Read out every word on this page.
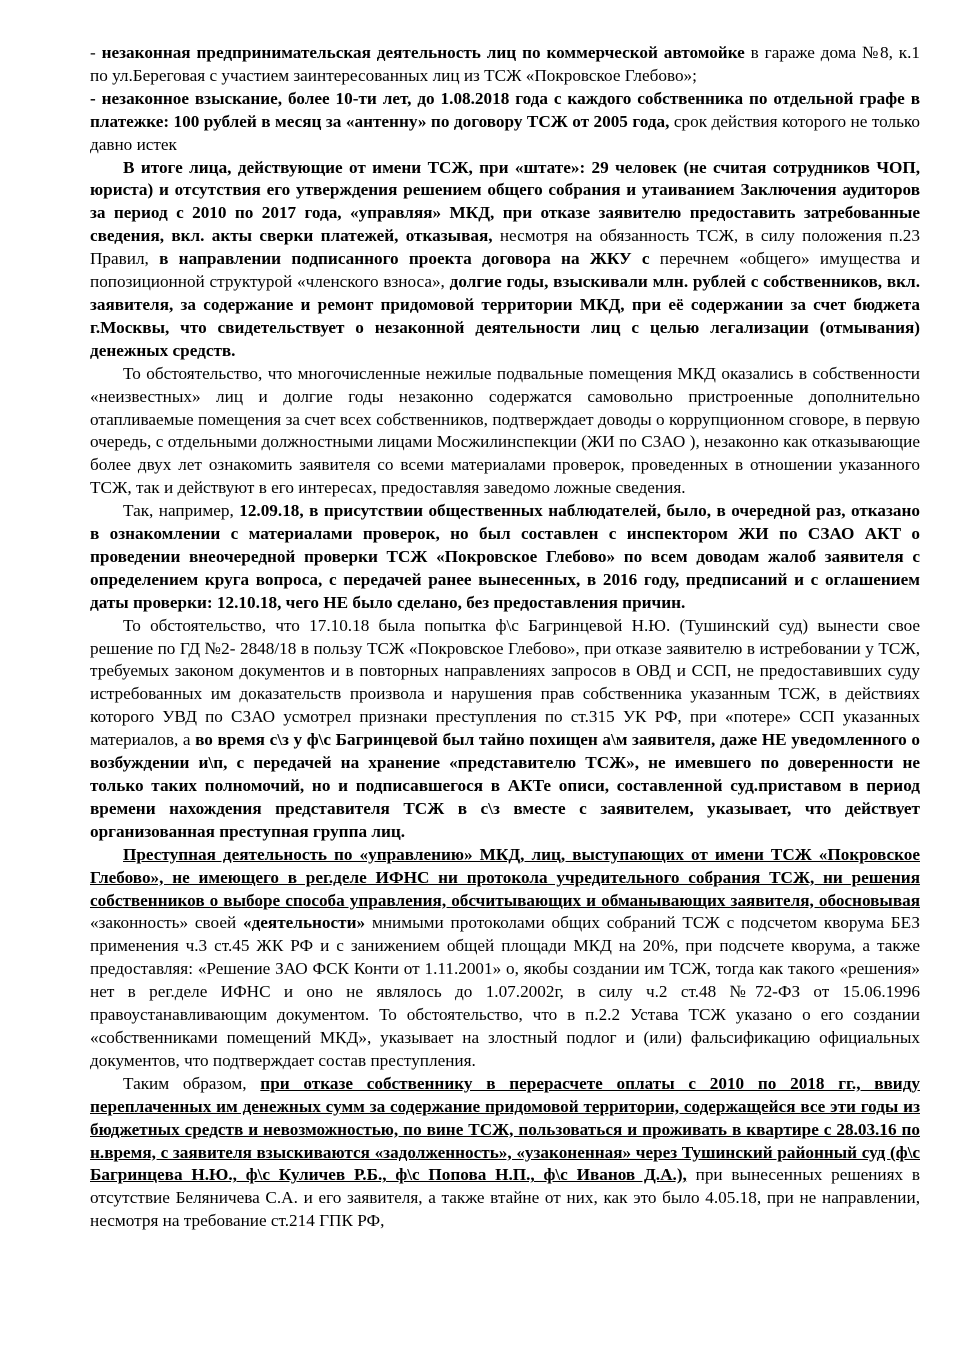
- незаконная предпринимательская деятельность лиц по коммерческой автомойке в гараже дома №8, к.1 по ул.Береговая с участием заинтересованных лиц из ТСЖ «Покровское Глебово»;

- незаконное взыскание, более 10-ти лет, до 1.08.2018 года с каждого собственника по отдельной графе в платежке: 100 рублей в месяц за «антенну» по договору ТСЖ от 2005 года, срок действия которого не только давно истек

В итоге лица, действующие от имени ТСЖ, при «штате»: 29 человек (не считая сотрудников ЧОП, юриста) и отсутствия его утверждения решением общего собрания и утаиванием Заключения аудиторов за период с 2010 по 2017 года, «управляя» МКД, при отказе заявителю предоставить затребованные сведения, вкл. акты сверки платежей, отказывая, несмотря на обязанность ТСЖ, в силу положения п.23 Правил, в направлении подписанного проекта договора на ЖКУ с перечнем «общего» имущества и попозиционной структурой «членского взноса», долгие годы, взыскивали млн. рублей с собственников, вкл. заявителя, за содержание и ремонт придомовой территории МКД, при её содержании за счет бюджета г.Москвы, что свидетельствует о незаконной деятельности лиц с целью легализации (отмывания) денежных средств.

То обстоятельство, что многочисленные нежилые подвальные помещения МКД оказались в собственности «неизвестных» лиц и долгие годы незаконно содержатся самовольно пристроенные дополнительно отапливаемые помещения за счет всех собственников, подтверждает доводы о коррупционном сговоре, в первую очередь, с отдельными должностными лицами Мосжилинспекции (ЖИ по СЗАО ), незаконно как отказывающие более двух лет ознакомить заявителя со всеми материалами проверок, проведенных в отношении указанного ТСЖ, так и действуют в его интересах, предоставляя заведомо ложные сведения.

Так, например, 12.09.18, в присутствии общественных наблюдателей, было, в очередной раз, отказано в ознакомлении с материалами проверок, но был составлен с инспектором ЖИ по СЗАО АКТ о проведении внеочередной проверки ТСЖ «Покровское Глебово» по всем доводам жалоб заявителя с определением круга вопроса, с передачей ранее вынесенных, в 2016 году, предписаний и с оглашением даты проверки: 12.10.18, чего НЕ было сделано, без предоставления причин.

То обстоятельство, что 17.10.18 была попытка ф\с Багринцевой Н.Ю. (Тушинский суд) вынести свое решение по ГД №2- 2848/18 в пользу ТСЖ «Покровское Глебово», при отказе заявителю в истребовании у ТСЖ, требуемых законом документов и в повторных направлениях запросов в ОВД и ССП, не предоставивших суду истребованных им доказательств произвола и нарушения прав собственника указанным ТСЖ, в действиях которого УВД по СЗАО усмотрел признаки преступления по ст.315 УК РФ, при «потере» ССП указанных материалов, а во время с\з у ф\с Багринцевой был тайно похищен а\м заявителя, даже НЕ уведомленного о возбуждении и\п, с передачей на хранение «представителю ТСЖ», не имевшего по доверенности не только таких полномочий, но и подписавшегося в АКТе описи, составленной суд.приставом в период времени нахождения представителя ТСЖ в с\з вместе с заявителем, указывает, что действует организованная преступная группа лиц.

Преступная деятельность по «управлению» МКД, лиц, выступающих от имени ТСЖ «Покровское Глебово», не имеющего в рег.деле ИФНС ни протокола учредительного собрания ТСЖ, ни решения собственников о выборе способа управления, обсчитывающих и обманывающих заявителя, обосновывая «законность» своей «деятельности» мнимыми протоколами общих собраний ТСЖ с подсчетом кворума БЕЗ применения ч.3 ст.45 ЖК РФ и с занижением общей площади МКД на 20%, при подсчете кворума, а также предоставляя: «Решение ЗАО ФСК Конти от 1.11.2001» о, якобы создании им ТСЖ, тогда как такого «решения» нет в рег.деле ИФНС и оно не являлось до 1.07.2002г, в силу ч.2 ст.48 №72-ФЗ от 15.06.1996 правоустанавливающим документом. То обстоятельство, что в п.2.2 Устава ТСЖ указано о его создании «собственниками помещений МКД», указывает на злостный подлог и (или) фальсификацию официальных документов, что подтверждает состав преступления.

Таким образом, при отказе собственнику в перерасчете оплаты с 2010 по 2018 гг., ввиду переплаченных им денежных сумм за содержание придомовой территории, содержащейся все эти годы из бюджетных средств и невозможностью, по вине ТСЖ, пользоваться и проживать в квартире с 28.03.16 по н.время, с заявителя взыскиваются «задолженность», «узаконенная» через Тушинский районный суд (ф\с Багринцева Н.Ю., ф\с Куличев Р.Б., ф\с Попова Н.П., ф\с Иванов Д.А.), при вынесенных решениях в отсутствие Беляничева С.А. и его заявителя, а также втайне от них, как это было 4.05.18, при не направлении, несмотря на требование ст.214 ГПК РФ,
